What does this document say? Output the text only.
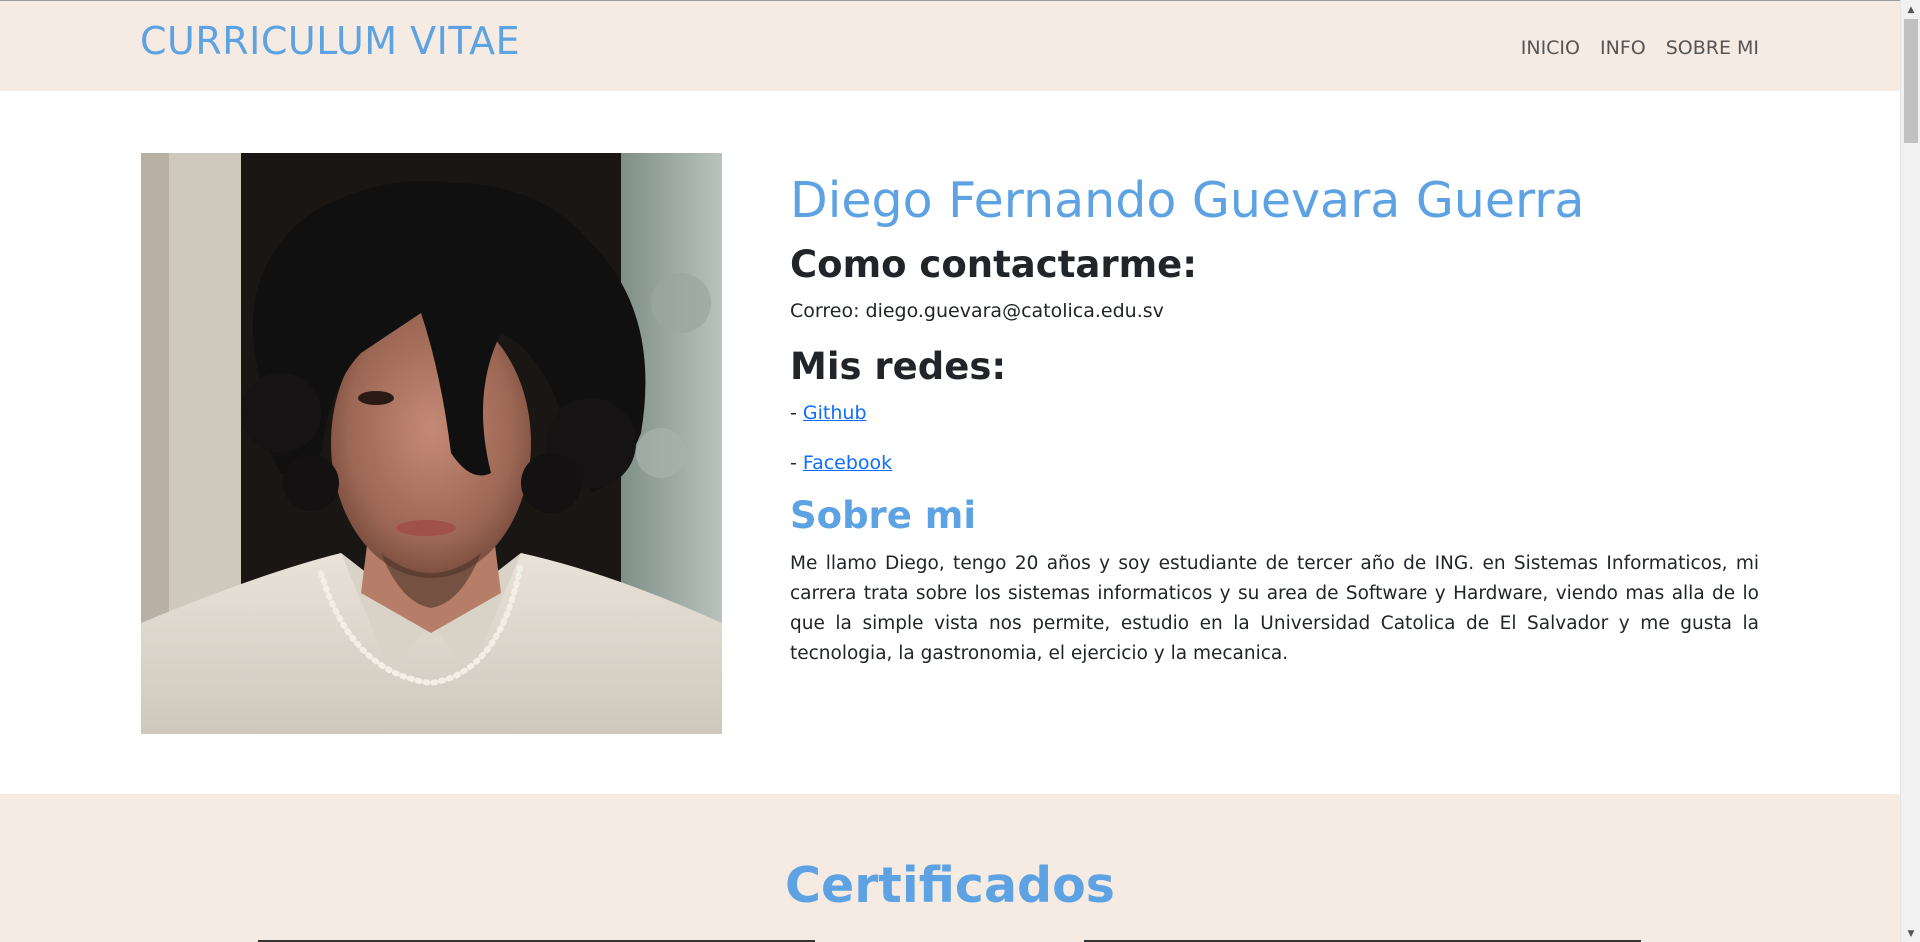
CURRICULUM VITAE	INICIO INFO SOBRE MI
Diego Fernando Guevara Guerra
Como contactarme:

Correo: diego.guevara@catolica.edu.sv

Mis redes:

- Github

- Facebook

Sobre mi

Me llamo Diego, tengo 20 años y soy estudiante de tercer año de ING. en Sistemas Informaticos, mi carrera trata sobre los sistemas informaticos y su area de Software y Hardware, viendo mas alla de lo que la simple vista nos permite, estudio en la Universidad Catolica de El Salvador y me gusta la tecnologia, la gastronomia, el ejercicio y la mecanica.

Certificados
▲
▼
